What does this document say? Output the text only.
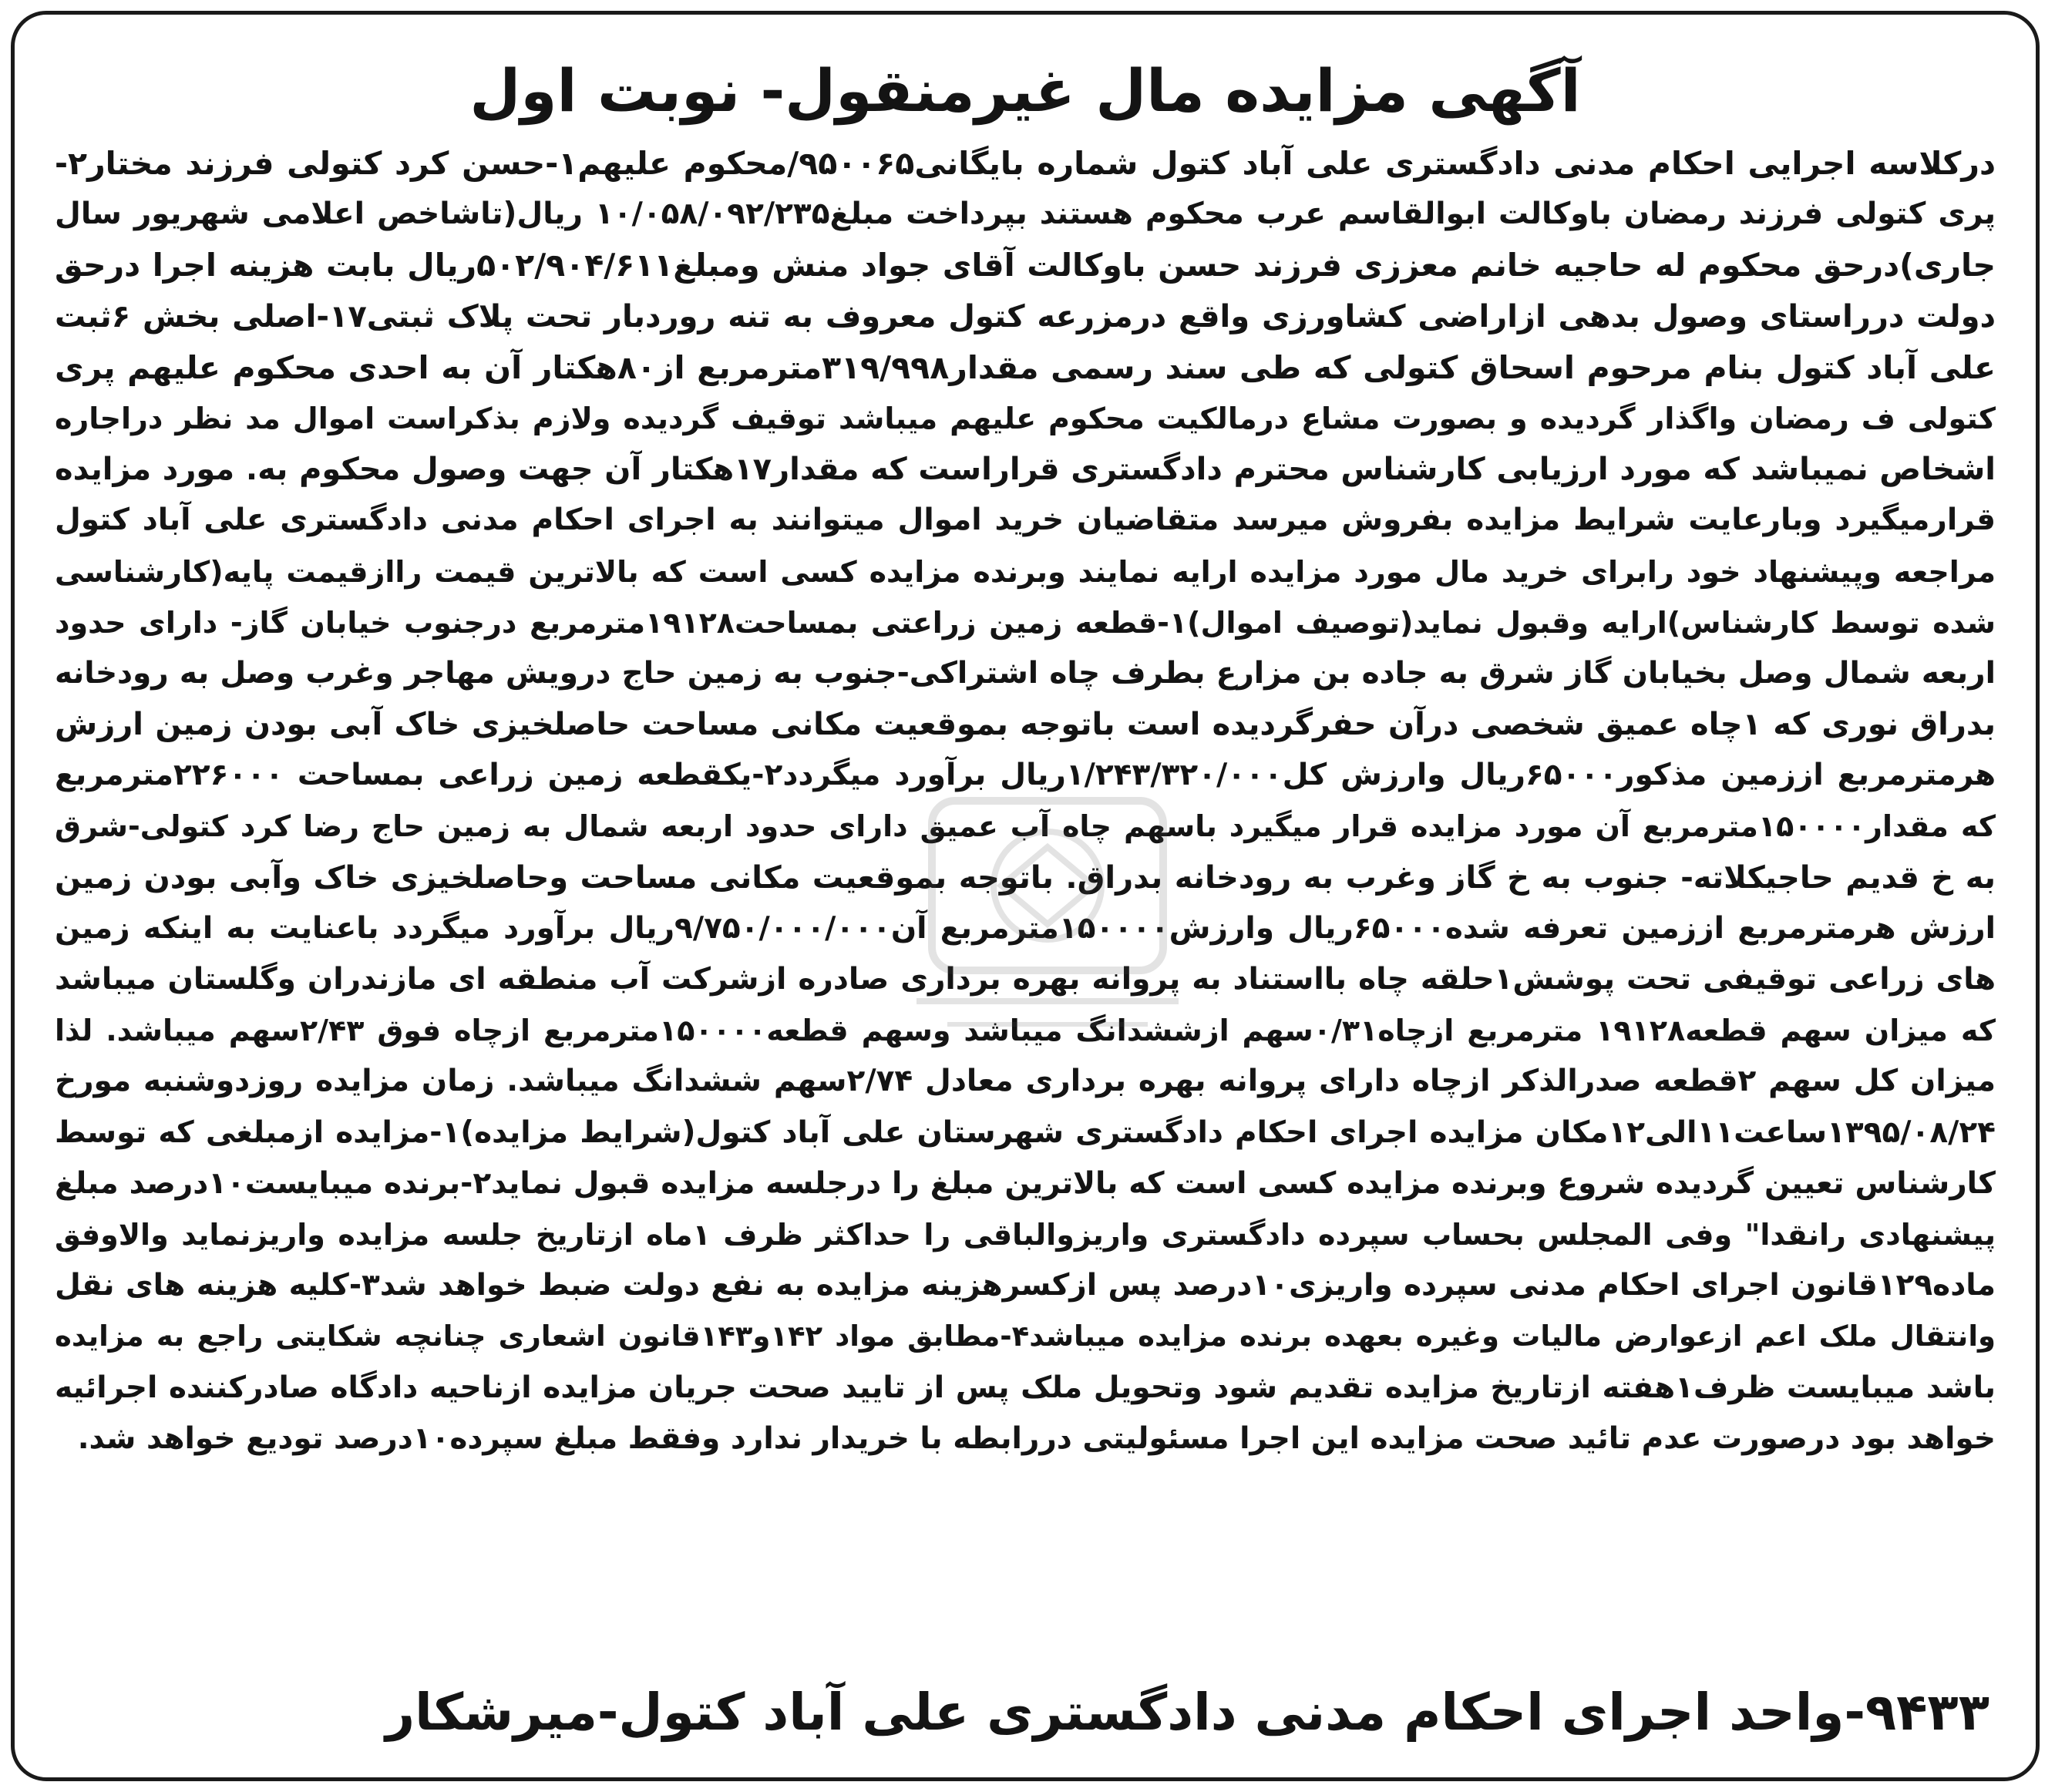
آگهی مزایده مال غیرمنقول- نوبت اول
درکلاسه اجرایی احکام مدنی دادگستری علی آباد کتول شماره بایگانی۹۵۰۰۶۵/محکوم علیهم۱-حسن کرد کتولی فرزند مختار۲-
پری کتولی فرزند رمضان باوکالت ابوالقاسم عرب محکوم هستند بپرداخت مبلغ۱۰/۰۵۸/۰۹۲/۲۳۵ ریال(تاشاخص اعلامی شهریور سال
جاری)درحق محکوم له حاجیه خانم معززی فرزند حسن باوکالت آقای جواد منش ومبلغ۵۰۲/۹۰۴/۶۱۱ریال بابت هزینه اجرا درحق
دولت درراستای وصول بدهی ازاراضی کشاورزی واقع درمزرعه کتول معروف به تنه روردبار تحت پلاک ثبتی۱۷-اصلی بخش ۶ثبت
علی آباد کتول بنام مرحوم اسحاق کتولی که طی سند رسمی مقدار۳۱۹/۹۹۸مترمربع از۸۰هکتار آن به احدی محکوم علیهم پری
کتولی ف رمضان واگذار گردیده و بصورت مشاع درمالکیت محکوم علیهم میباشد توقیف گردیده ولازم بذکراست اموال مد نظر دراجاره
اشخاص نمیباشد که مورد ارزیابی کارشناس محترم دادگستری قراراست که مقدار۱۷هکتار آن جهت وصول محکوم به. مورد مزایده
قرارمیگیرد وبارعایت شرایط مزایده بفروش میرسد متقاضیان خرید اموال میتوانند به اجرای احکام مدنی دادگستری علی آباد کتول
مراجعه وپیشنهاد خود رابرای خرید مال مورد مزایده ارایه نمایند وبرنده مزایده کسی است که بالاترین قیمت راازقیمت پایه(کارشناسی
شده توسط کارشناس)ارایه وقبول نماید(توصیف اموال)۱-قطعه زمین زراعتی بمساحت۱۹۱۲۸مترمربع درجنوب خیابان گاز- دارای حدود
اربعه شمال وصل بخیابان گاز شرق به جاده بن مزارع بطرف چاه اشتراکی-جنوب به زمین حاج درویش مهاجر وغرب وصل به رودخانه
بدراق نوری که ۱چاه عمیق شخصی درآن حفرگردیده است باتوجه بموقعیت مکانی مساحت حاصلخیزی خاک آبی بودن زمین ارزش
هرمترمربع اززمین مذکور۶۵۰۰۰ریال وارزش کل۱/۲۴۳/۳۲۰/۰۰۰ریال برآورد میگردد۲-یکقطعه زمین زراعی بمساحت ۲۲۶۰۰۰مترمربع
که مقدار۱۵۰۰۰۰مترمربع آن مورد مزایده قرار میگیرد باسهم چاه آب عمیق دارای حدود اربعه شمال به زمین حاج رضا کرد کتولی-شرق
به خ قدیم حاجیکلاته- جنوب به خ گاز وغرب به رودخانه بدراق. باتوجه بموقعیت مکانی مساحت وحاصلخیزی خاک وآبی بودن زمین
ارزش هرمترمربع اززمین تعرفه شده۶۵۰۰۰ریال وارزش۱۵۰۰۰۰مترمربع آن۹/۷۵۰/۰۰۰/۰۰۰ریال برآورد میگردد باعنایت به اینکه زمین
های زراعی توقیفی تحت پوشش۱حلقه چاه بااستناد به پروانه بهره برداری صادره ازشرکت آب منطقه ای مازندران وگلستان میباشد
که میزان سهم قطعه۱۹۱۲۸ مترمربع ازچاه۰/۳۱سهم ازششدانگ میباشد وسهم قطعه۱۵۰۰۰۰مترمربع ازچاه فوق ۲/۴۳سهم میباشد. لذا
میزان کل سهم ۲قطعه صدرالذکر ازچاه دارای پروانه بهره برداری معادل ۲/۷۴سهم ششدانگ میباشد. زمان مزایده روزدوشنبه مورخ
۱۳۹۵/۰۸/۲۴ساعت۱۱الی۱۲مکان مزایده اجرای احکام دادگستری شهرستان علی آباد کتول(شرایط مزایده)۱-مزایده ازمبلغی که توسط
کارشناس تعیین گردیده شروع وبرنده مزایده کسی است که بالاترین مبلغ را درجلسه مزایده قبول نماید۲-برنده میبایست۱۰درصد مبلغ
پیشنهادی رانقدا" وفی المجلس بحساب سپرده دادگستری واریزوالباقی را حداکثر ظرف ۱ماه ازتاریخ جلسه مزایده واریزنماید والاوفق
ماده۱۲۹قانون اجرای احکام مدنی سپرده واریزی۱۰درصد پس ازکسرهزینه مزایده به نفع دولت ضبط خواهد شد۳-کلیه هزینه های نقل
وانتقال ملک اعم ازعوارض مالیات وغیره بعهده برنده مزایده میباشد۴-مطابق مواد ۱۴۲و۱۴۳قانون اشعاری چنانچه شکایتی راجع به مزایده
باشد میبایست ظرف۱هفته ازتاریخ مزایده تقدیم شود وتحویل ملک پس از تایید صحت جریان مزایده ازناحیه دادگاه صادرکننده اجرائیه
خواهد بود درصورت عدم تائید صحت مزایده این اجرا مسئولیتی دررابطه با خریدار ندارد وفقط مبلغ سپرده۱۰درصد تودیع خواهد شد.
۹۴۳۳-واحد اجرای احکام مدنی دادگستری علی آباد کتول-میرشکار
